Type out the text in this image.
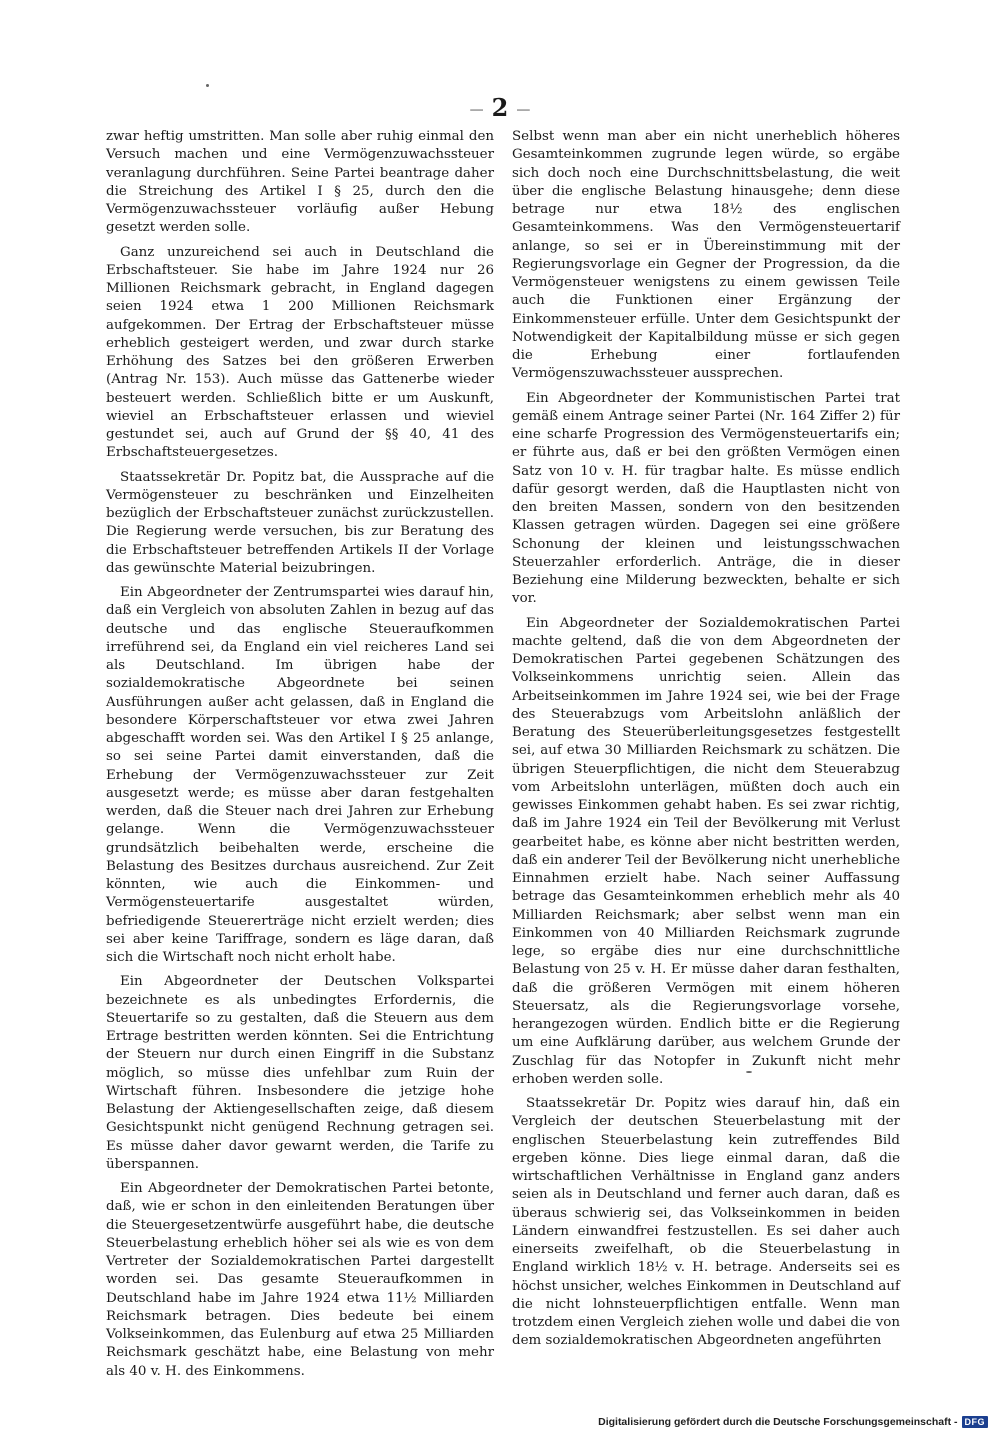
— 2 —

zwar heftig umstritten. Man solle aber ruhig einmal den Versuch machen und eine Vermögenzuwachssteuer veranlagung durchführen. Seine Partei beantrage daher die Streichung des Artikel I § 25, durch den die Vermögenzuwachssteuer vorläufig außer Hebung gesetzt werden solle.

Ganz unzureichend sei auch in Deutschland die Erbschaftsteuer. Sie habe im Jahre 1924 nur 26 Millionen Reichsmark gebracht, in England dagegen seien 1924 etwa 1 200 Millionen Reichsmark aufgekommen. Der Ertrag der Erbschaftsteuer müsse erheblich gesteigert werden, und zwar durch starke Erhöhung des Satzes bei den größeren Erwerben (Antrag Nr. 153). Auch müsse das Gattenerbe wieder besteuert werden. Schließlich bitte er um Auskunft, wieviel an Erbschaftsteuer erlassen und wieviel gestundet sei, auch auf Grund der §§ 40, 41 des Erbschaftsteuergesetzes.

Staatssekretär Dr. Popitz bat, die Aussprache auf die Vermögensteuer zu beschränken und Einzelheiten bezüglich der Erbschaftsteuer zunächst zurückzustellen. Die Regierung werde versuchen, bis zur Beratung des die Erbschaftsteuer betreffenden Artikels II der Vorlage das gewünschte Material beizubringen.

Ein Abgeordneter der Zentrumspartei wies darauf hin, daß ein Vergleich von absoluten Zahlen in bezug auf das deutsche und das englische Steueraufkommen irreführend sei, da England ein viel reicheres Land sei als Deutschland. Im übrigen habe der sozialdemokratische Abgeordnete bei seinen Ausführungen außer acht gelassen, daß in England die besondere Körperschaftsteuer vor etwa zwei Jahren abgeschafft worden sei. Was den Artikel I § 25 anlange, so sei seine Partei damit einverstanden, daß die Erhebung der Vermögenzuwachssteuer zur Zeit ausgesetzt werde; es müsse aber daran festgehalten werden, daß die Steuer nach drei Jahren zur Erhebung gelange. Wenn die Vermögenzuwachssteuer grundsätzlich beibehalten werde, erscheine die Belastung des Besitzes durchaus ausreichend. Zur Zeit könnten, wie auch die Einkommen- und Vermögensteuertarife ausgestaltet würden, befriedigende Steuererträge nicht erzielt werden; dies sei aber keine Tariffrage, sondern es läge daran, daß sich die Wirtschaft noch nicht erholt habe.

Ein Abgeordneter der Deutschen Volkspartei bezeichnete es als unbedingtes Erfordernis, die Steuertarife so zu gestalten, daß die Steuern aus dem Ertrage bestritten werden könnten. Sei die Entrichtung der Steuern nur durch einen Eingriff in die Substanz möglich, so müsse dies unfehlbar zum Ruin der Wirtschaft führen. Insbesondere die jetzige hohe Belastung der Aktiengesellschaften zeige, daß diesem Gesichtspunkt nicht genügend Rechnung getragen sei. Es müsse daher davor gewarnt werden, die Tarife zu überspannen.

Ein Abgeordneter der Demokratischen Partei betonte, daß, wie er schon in den einleitenden Beratungen über die Steuergesetzentwürfe ausgeführt habe, die deutsche Steuerbelastung erheblich höher sei als wie es von dem Vertreter der Sozialdemokratischen Partei dargestellt worden sei. Das gesamte Steueraufkommen in Deutschland habe im Jahre 1924 etwa 11½ Milliarden Reichsmark betragen. Dies bedeute bei einem Volkseinkommen, das Eulenburg auf etwa 25 Milliarden Reichsmark geschätzt habe, eine Belastung von mehr als 40 v. H. des Einkommens.

Selbst wenn man aber ein nicht unerheblich höheres Gesamteinkommen zugrunde legen würde, so ergäbe sich doch noch eine Durchschnittsbelastung, die weit über die englische Belastung hinausgehe; denn diese betrage nur etwa 18½ des englischen Gesamteinkommens. Was den Vermögensteuertarif anlange, so sei er in Übereinstimmung mit der Regierungsvorlage ein Gegner der Progression, da die Vermögensteuer wenigstens zu einem gewissen Teile auch die Funktionen einer Ergänzung der Einkommensteuer erfülle. Unter dem Gesichtspunkt der Notwendigkeit der Kapitalbildung müsse er sich gegen die Erhebung einer fortlaufenden Vermögenszuwachssteuer aussprechen.

Ein Abgeordneter der Kommunistischen Partei trat gemäß einem Antrage seiner Partei (Nr. 164 Ziffer 2) für eine scharfe Progression des Vermögensteuertarifs ein; er führte aus, daß er bei den größten Vermögen einen Satz von 10 v. H. für tragbar halte. Es müsse endlich dafür gesorgt werden, daß die Hauptlasten nicht von den breiten Massen, sondern von den besitzenden Klassen getragen würden. Dagegen sei eine größere Schonung der kleinen und leistungsschwachen Steuerzahler erforderlich. Anträge, die in dieser Beziehung eine Milderung bezweckten, behalte er sich vor.

Ein Abgeordneter der Sozialdemokratischen Partei machte geltend, daß die von dem Abgeordneten der Demokratischen Partei gegebenen Schätzungen des Volkseinkommens unrichtig seien. Allein das Arbeitseinkommen im Jahre 1924 sei, wie bei der Frage des Steuerabzugs vom Arbeitslohn anläßlich der Beratung des Steuerüberleitungsgesetzes festgestellt sei, auf etwa 30 Milliarden Reichsmark zu schätzen. Die übrigen Steuerpflichtigen, die nicht dem Steuerabzug vom Arbeitslohn unterlägen, müßten doch auch ein gewisses Einkommen gehabt haben. Es sei zwar richtig, daß im Jahre 1924 ein Teil der Bevölkerung mit Verlust gearbeitet habe, es könne aber nicht bestritten werden, daß ein anderer Teil der Bevölkerung nicht unerhebliche Einnahmen erzielt habe. Nach seiner Auffassung betrage das Gesamteinkommen erheblich mehr als 40 Milliarden Reichsmark; aber selbst wenn man ein Einkommen von 40 Milliarden Reichsmark zugrunde lege, so ergäbe dies nur eine durchschnittliche Belastung von 25 v. H. Er müsse daher daran festhalten, daß die größeren Vermögen mit einem höheren Steuersatz, als die Regierungsvorlage vorsehe, herangezogen würden. Endlich bitte er die Regierung um eine Aufklärung darüber, aus welchem Grunde der Zuschlag für das Notopfer in Zukunft nicht mehr erhoben werden solle.

Staatssekretär Dr. Popitz wies darauf hin, daß ein Vergleich der deutschen Steuerbelastung mit der englischen Steuerbelastung kein zutreffendes Bild ergeben könne. Dies liege einmal daran, daß die wirtschaftlichen Verhältnisse in England ganz anders seien als in Deutschland und ferner auch daran, daß es überaus schwierig sei, das Volkseinkommen in beiden Ländern einwandfrei festzustellen. Es sei daher auch einerseits zweifelhaft, ob die Steuerbelastung in England wirklich 18½ v. H. betrage. Anderseits sei es höchst unsicher, welches Einkommen in Deutschland auf die nicht lohnsteuerpflichtigen entfalle. Wenn man trotzdem einen Vergleich ziehen wolle und dabei die von dem sozialdemokratischen Abgeordneten angeführten

Digitalisierung gefördert durch die Deutsche Forschungsgemeinschaft - DFG
